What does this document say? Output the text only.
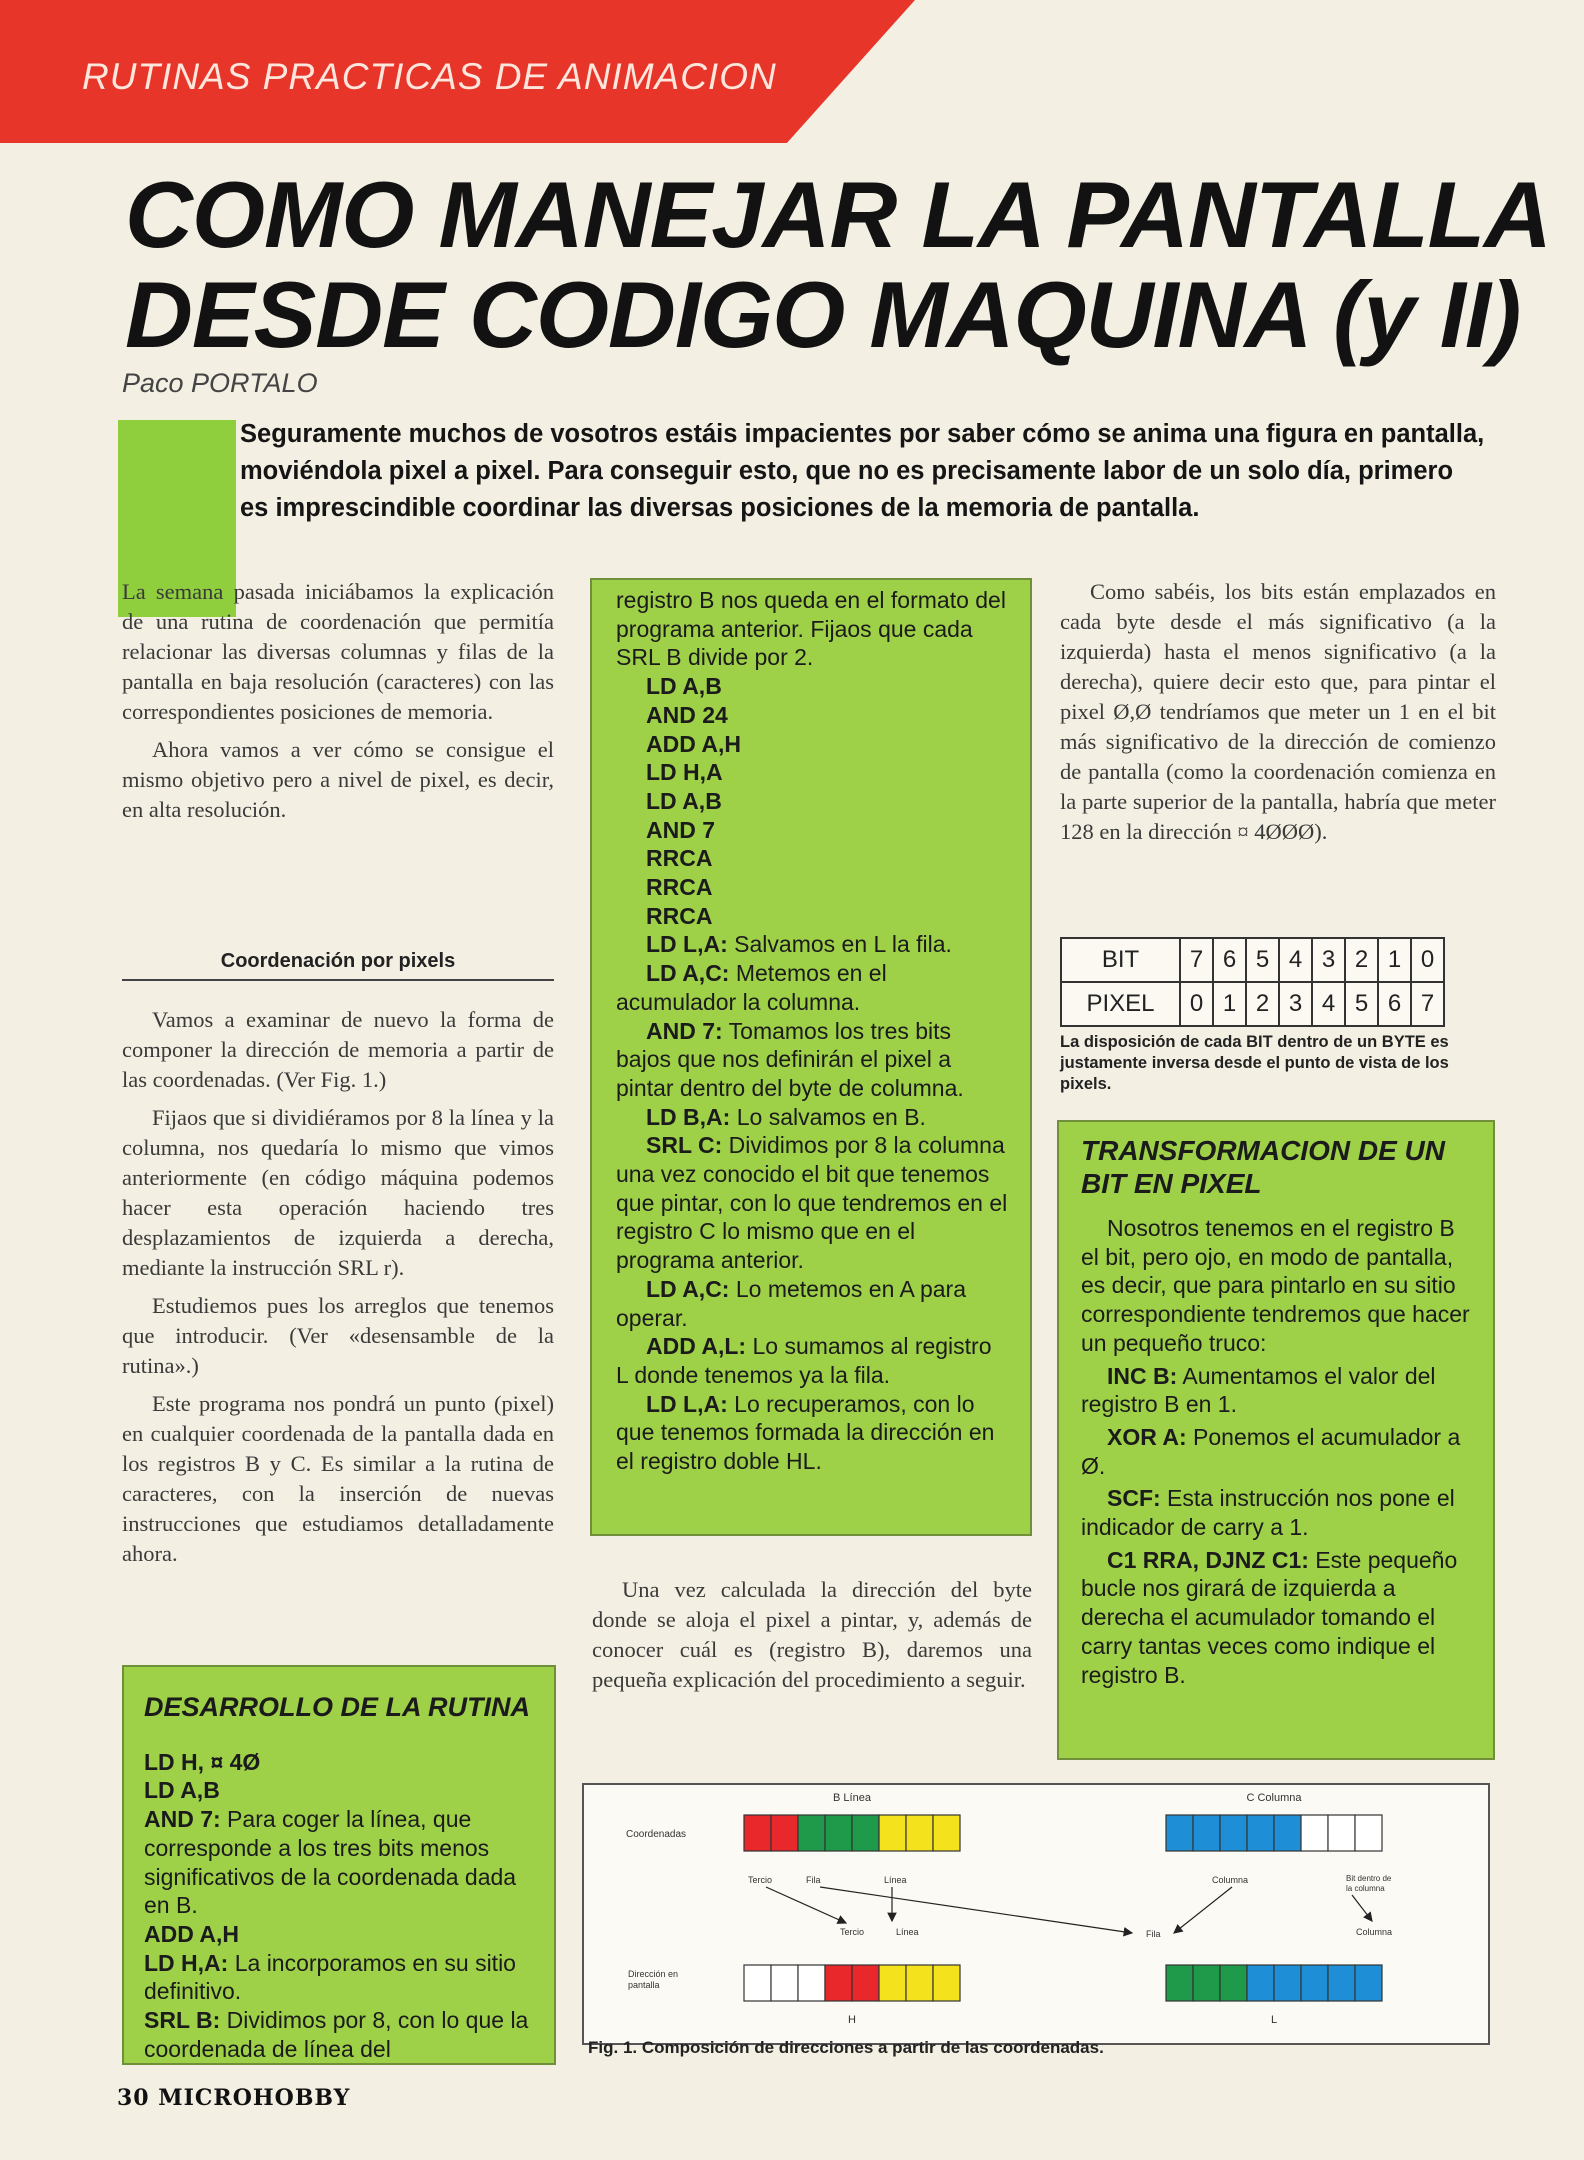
RUTINAS PRACTICAS DE ANIMACION
COMO MANEJAR LA PANTALLA
DESDE CODIGO MAQUINA (y II)
Paco PORTALO
Seguramente muchos de vosotros estáis impacientes por saber cómo se anima una figura en pantalla, moviéndola pixel a pixel. Para conseguir esto, que no es precisamente labor de un solo día, primero es imprescindible coordinar las diversas posiciones de la memoria de pantalla.

La semana pasada iniciábamos la explicación de una rutina de coordenación que permitía relacionar las diversas columnas y filas de la pantalla en baja resolución (caracteres) con las correspondientes posiciones de memoria.

Ahora vamos a ver cómo se consigue el mismo objetivo pero a nivel de pixel, es decir, en alta resolución.

Coordenación por pixels

Vamos a examinar de nuevo la forma de componer la dirección de memoria a partir de las coordenadas. (Ver Fig. 1.)

Fijaos que si dividiéramos por 8 la línea y la columna, nos quedaría lo mismo que vimos anteriormente (en código máquina podemos hacer esta operación haciendo tres desplazamientos de izquierda a derecha, mediante la instrucción SRL r).

Estudiemos pues los arreglos que tenemos que introducir. (Ver «desensamble de la rutina».)

Este programa nos pondrá un punto (pixel) en cualquier coordenada de la pantalla dada en los registros B y C. Es similar a la rutina de caracteres, con la inserción de nuevas instrucciones que estudiamos detalladamente ahora.

DESARROLLO DE LA RUTINA

LD H, ¤ 4Ø

LD A,B

AND 7: Para coger la línea, que corresponde a los tres bits menos significativos de la coordenada dada en B.

ADD A,H

LD H,A: La incorporamos en su sitio definitivo.

SRL B: Dividimos por 8, con lo que la coordenada de línea del

registro B nos queda en el formato del programa anterior. Fijaos que cada SRL B divide por 2.

LD A,B

AND 24

ADD A,H

LD H,A

LD A,B

AND 7

RRCA

RRCA

RRCA

LD L,A: Salvamos en L la fila.

LD A,C: Metemos en el acumulador la columna.

AND 7: Tomamos los tres bits bajos que nos definirán el pixel a pintar dentro del byte de columna.

LD B,A: Lo salvamos en B.

SRL C: Dividimos por 8 la columna una vez conocido el bit que tenemos que pintar, con lo que tendremos en el registro C lo mismo que en el programa anterior.

LD A,C: Lo metemos en A para operar.

ADD A,L: Lo sumamos al registro L donde tenemos ya la fila.

LD L,A: Lo recuperamos, con lo que tenemos formada la dirección en el registro doble HL.

Una vez calculada la dirección del byte donde se aloja el pixel a pintar, y, además de conocer cuál es (registro B), daremos una pequeña explicación del procedimiento a seguir.

Como sabéis, los bits están emplazados en cada byte desde el más significativo (a la izquierda) hasta el menos significativo (a la derecha), quiere decir esto que, para pintar el pixel Ø,Ø tendríamos que meter un 1 en el bit más significativo de la dirección de comienzo de pantalla (como la coordenación comienza en la parte superior de la pantalla, habría que meter 128 en la dirección ¤ 4ØØØ).

BIT	7	6	5	4	3	2	1	0
PIXEL	0	1	2	3	4	5	6	7
La disposición de cada BIT dentro de un BYTE es justamente inversa desde el punto de vista de los pixels.
TRANSFORMACION DE UN BIT EN PIXEL

Nosotros tenemos en el registro B el bit, pero ojo, en modo de pantalla, es decir, que para pintarlo en su sitio correspondiente tendremos que hacer un pequeño truco:

INC B: Aumentamos el valor del registro B en 1.

XOR A: Ponemos el acumulador a Ø.

SCF: Esta instrucción nos pone el indicador de carry a 1.

C1 RRA, DJNZ C1: Este pequeño bucle nos girará de izquierda a derecha el acumulador tomando el carry tantas veces como indique el registro B.

B Línea	C Columna
Coordenadas
Tercio	Fila	Línea	Columna	Bit dentro de
la columna
Tercio	Línea	Fila	Columna
Dirección en
pantalla
H	L
Fig. 1. Composición de direcciones a partir de las coordenadas.
30 MICROHOBBY
